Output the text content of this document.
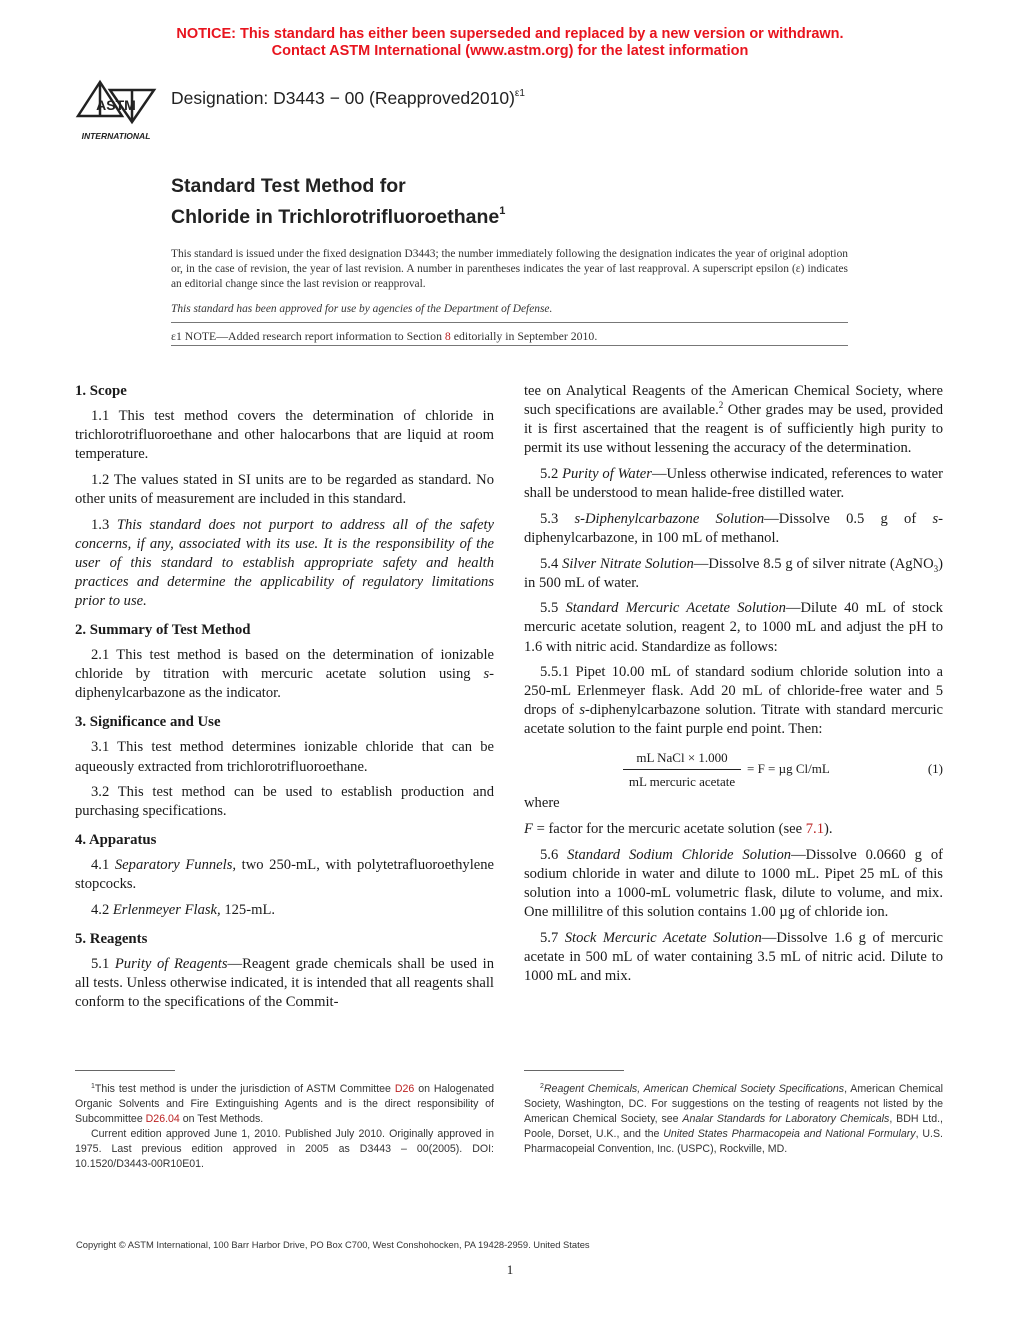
NOTICE: This standard has either been superseded and replaced by a new version or withdrawn.
Contact ASTM International (www.astm.org) for the latest information
ASTM
INTERNATIONAL
Designation: D3443 − 00 (Reapproved2010)$^{\varepsilon 1}$
Standard Test Method for
Chloride in Trichlorotrifluoroethane$^1$

This standard is issued under the fixed designation D3443; the number immediately following the designation indicates the year of original adoption or, in the case of revision, the year of last revision. A number in parentheses indicates the year of last reapproval. A superscript epsilon (ε) indicates an editorial change since the last revision or reapproval.

This standard has been approved for use by agencies of the Department of Defense.
ε1 NOTE—Added research report information to Section 8 editorially in September 2010.
1. Scope

1.1 This test method covers the determination of chloride in trichlorotrifluoroethane and other halocarbons that are liquid at room temperature.

1.2 The values stated in SI units are to be regarded as standard. No other units of measurement are included in this standard.

1.3 This standard does not purport to address all of the safety concerns, if any, associated with its use. It is the responsibility of the user of this standard to establish appropriate safety and health practices and determine the applicability of regulatory limitations prior to use.

2. Summary of Test Method

2.1 This test method is based on the determination of ionizable chloride by titration with mercuric acetate solution using s-diphenylcarbazone as the indicator.

3. Significance and Use

3.1 This test method determines ionizable chloride that can be aqueously extracted from trichlorotrifluoroethane.

3.2 This test method can be used to establish production and purchasing specifications.

4. Apparatus

4.1 Separatory Funnels, two 250-mL, with polytetrafluoroethylene stopcocks.

4.2 Erlenmeyer Flask, 125-mL.

5. Reagents

5.1 Purity of Reagents—Reagent grade chemicals shall be used in all tests. Unless otherwise indicated, it is intended that all reagents shall conform to the specifications of the Commit-

tee on Analytical Reagents of the American Chemical Society, where such specifications are available.$^2$ Other grades may be used, provided it is first ascertained that the reagent is of sufficiently high purity to permit its use without lessening the accuracy of the determination.

5.2 Purity of Water—Unless otherwise indicated, references to water shall be understood to mean halide-free distilled water.

5.3 s-Diphenylcarbazone Solution—Dissolve 0.5 g of s-diphenylcarbazone, in 100 mL of methanol.

5.4 Silver Nitrate Solution—Dissolve 8.5 g of silver nitrate (AgNO$_3$) in 500 mL of water.

5.5 Standard Mercuric Acetate Solution—Dilute 40 mL of stock mercuric acetate solution, reagent 2, to 1000 mL and adjust the pH to 1.6 with nitric acid. Standardize as follows:

5.5.1 Pipet 10.00 mL of standard sodium chloride solution into a 250-mL Erlenmeyer flask. Add 20 mL of chloride-free water and 5 drops of s-diphenylcarbazone solution. Titrate with standard mercuric acetate solution to the faint purple end point. Then:

mL NaCl × 1.000
mL mercuric acetate
= F = µg Cl/mL	(1)

where

F = factor for the mercuric acetate solution (see 7.1).

5.6 Standard Sodium Chloride Solution—Dissolve 0.0660 g of sodium chloride in water and dilute to 1000 mL. Pipet 25 mL of this solution into a 1000-mL volumetric flask, dilute to volume, and mix. One millilitre of this solution contains 1.00 µg of chloride ion.

5.7 Stock Mercuric Acetate Solution—Dissolve 1.6 g of mercuric acetate in 500 mL of water containing 3.5 mL of nitric acid. Dilute to 1000 mL and mix.

$^1$This test method is under the jurisdiction of ASTM Committee D26 on Halogenated Organic Solvents and Fire Extinguishing Agents and is the direct responsibility of Subcommittee D26.04 on Test Methods.

Current edition approved June 1, 2010. Published July 2010. Originally approved in 1975. Last previous edition approved in 2005 as D3443 – 00(2005). DOI: 10.1520/D3443-00R10E01.

$^2$Reagent Chemicals, American Chemical Society Specifications, American Chemical Society, Washington, DC. For suggestions on the testing of reagents not listed by the American Chemical Society, see Analar Standards for Laboratory Chemicals, BDH Ltd., Poole, Dorset, U.K., and the United States Pharmacopeia and National Formulary, U.S. Pharmacopeial Convention, Inc. (USPC), Rockville, MD.

Copyright © ASTM International, 100 Barr Harbor Drive, PO Box C700, West Conshohocken, PA 19428-2959. United States
1
